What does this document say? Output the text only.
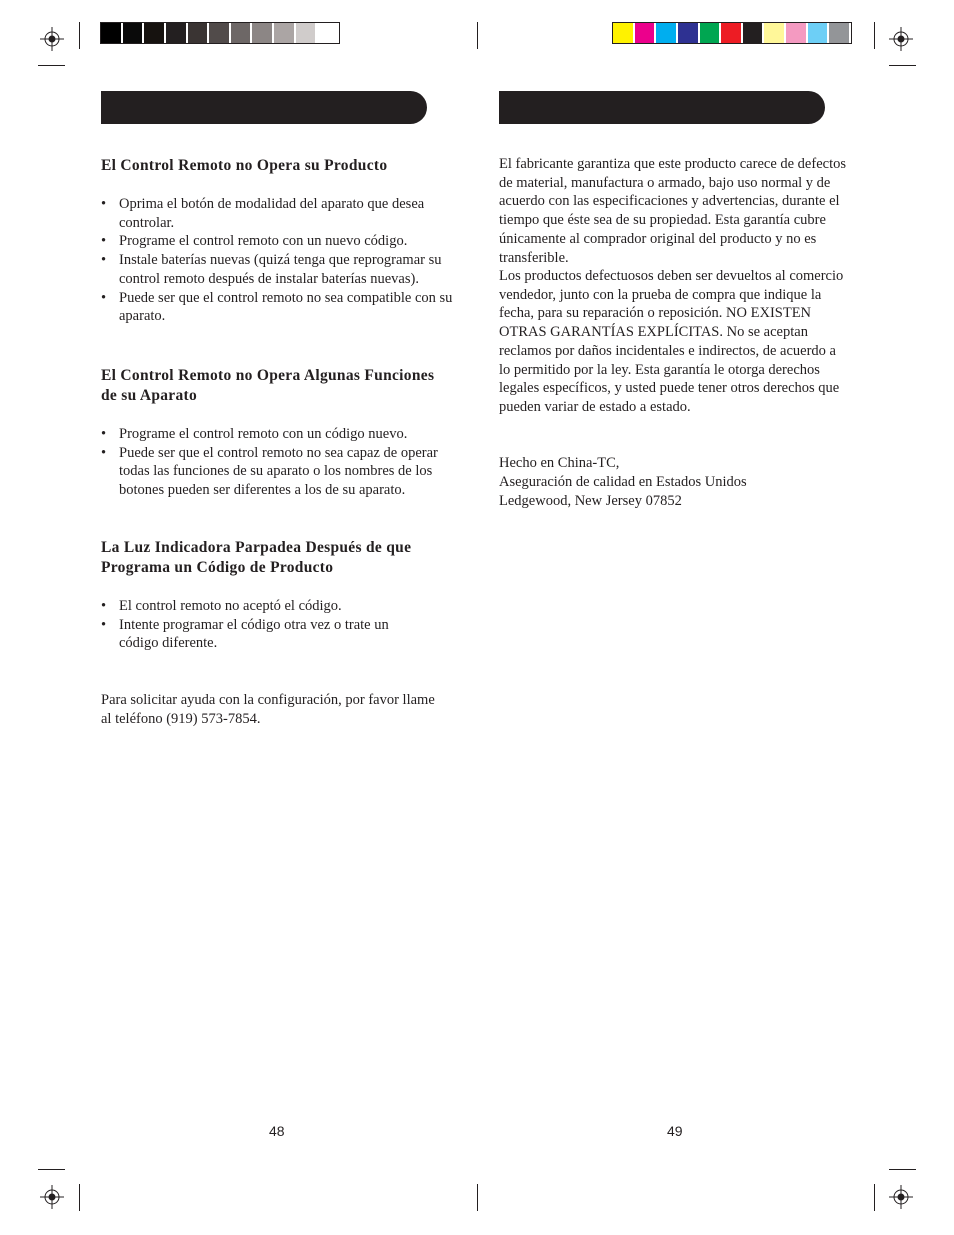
El Control Remoto no Opera su Producto
• Oprima el botón de modalidad del aparato que desea controlar.
• Programe el control remoto con un nuevo código.
• Instale baterías nuevas (quizá tenga que reprogramar su control remoto después de instalar baterías nuevas).
• Puede ser que el control remoto no sea compatible con su aparato.
El Control Remoto no Opera Algunas Funciones de su Aparato
• Programe el control remoto con un código nuevo.
• Puede ser que el control remoto no sea capaz de operar todas las funciones de su aparato o los nombres de los botones pueden ser diferentes a los de su aparato.
La Luz Indicadora Parpadea Después de que Programa un Código de Producto
• El control remoto no aceptó el código.
• Intente programar el código otra vez o trate un código diferente.
Para solicitar ayuda con la configuración, por favor llame al teléfono (919) 573-7854.
48
El fabricante garantiza que este producto carece de defectos de material, manufactura o armado, bajo uso normal y de acuerdo con las especificaciones y advertencias, durante el tiempo que éste sea de su propiedad. Esta garantía cubre únicamente al comprador original del producto y no es transferible.
Los productos defectuosos deben ser devueltos al comercio vendedor, junto con la prueba de compra que indique la fecha, para su reparación o reposición. NO EXISTEN OTRAS GARANTÍAS EXPLÍCITAS. No se aceptan reclamos por daños incidentales e indirectos, de acuerdo a lo permitido por la ley. Esta garantía le otorga derechos legales específicos, y usted puede tener otros derechos que pueden variar de estado a estado.
Hecho en China-TC,
Aseguración de calidad en Estados Unidos
Ledgewood, New Jersey 07852
49
